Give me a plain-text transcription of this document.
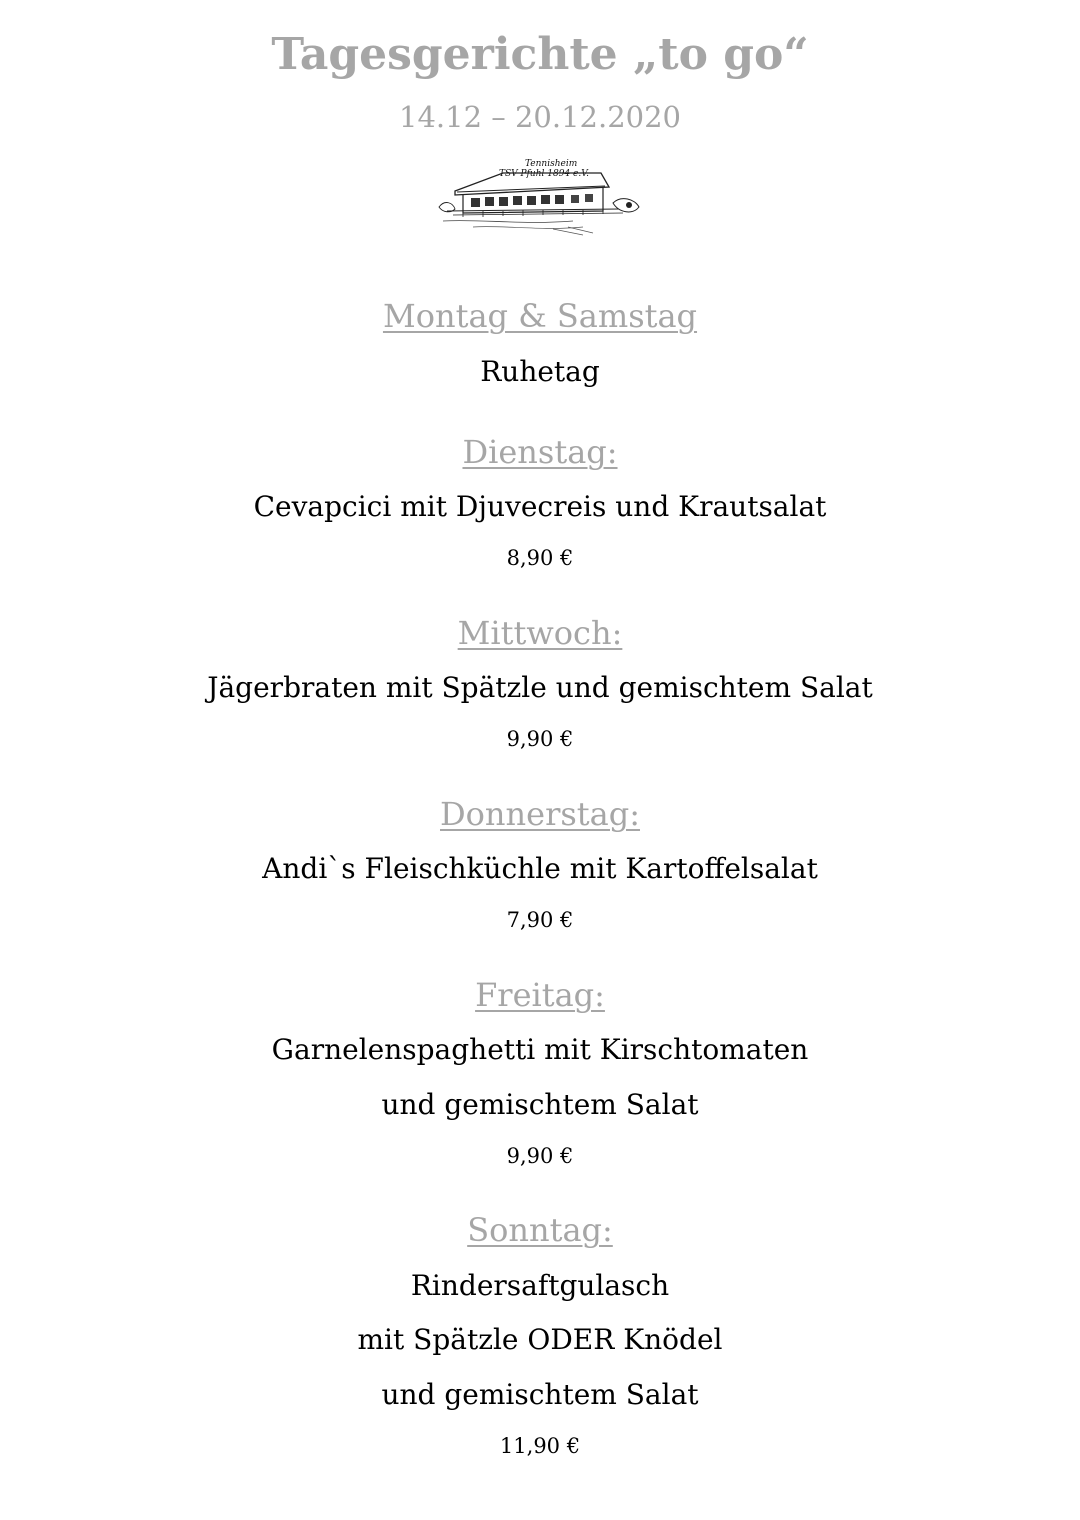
Tagesgerichte „to go“
14.12 – 20.12.2020
Tennisheim
TSV Pfuhl 1894 e.V.
Montag & Samstag
Ruhetag
Dienstag:
Cevapcici mit Djuvecreis und Krautsalat
8,90 €
Mittwoch:
Jägerbraten mit Spätzle und gemischtem Salat
9,90 €
Donnerstag:
Andi`s Fleischküchle mit Kartoffelsalat
7,90 €
Freitag:
Garnelenspaghetti mit Kirschtomaten
und gemischtem Salat
9,90 €
Sonntag:
Rindersaftgulasch
mit Spätzle ODER Knödel
und gemischtem Salat
11,90 €
